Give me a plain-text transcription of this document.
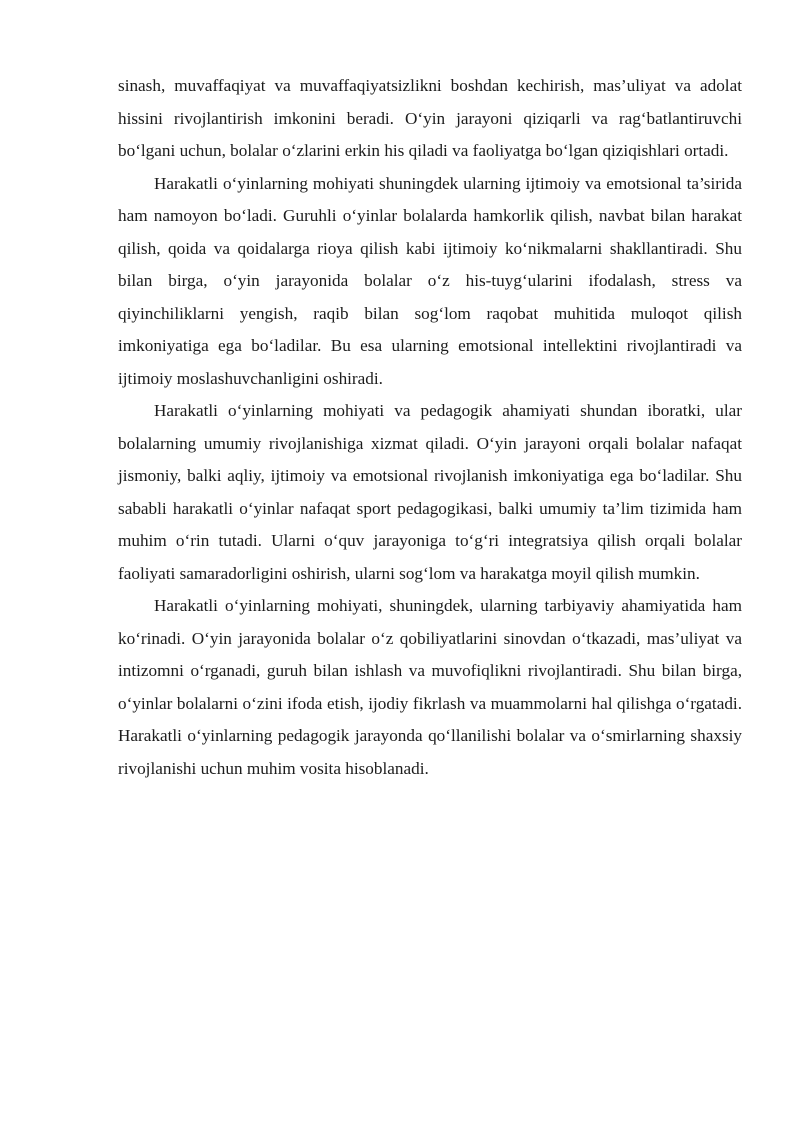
sinash, muvaffaqiyat va muvaffaqiyatsizlikni boshdan kechirish, mas’uliyat va adolat hissini rivojlantirish imkonini beradi. O‘yin jarayoni qiziqarli va rag‘batlantiruvchi bo‘lgani uchun, bolalar o‘zlarini erkin his qiladi va faoliyatga bo‘lgan qiziqishlari ortadi.

Harakatli o‘yinlarning mohiyati shuningdek ularning ijtimoiy va emotsional ta’sirida ham namoyon bo‘ladi. Guruhli o‘yinlar bolalarda hamkorlik qilish, navbat bilan harakat qilish, qoida va qoidalarga rioya qilish kabi ijtimoiy ko‘nikmalarni shakllantiradi. Shu bilan birga, o‘yin jarayonida bolalar o‘z his-tuyg‘ularini ifodalash, stress va qiyinchiliklarni yengish, raqib bilan sog‘lom raqobat muhitida muloqot qilish imkoniyatiga ega bo‘ladilar. Bu esa ularning emotsional intellektini rivojlantiradi va ijtimoiy moslashuvchanligini oshiradi.

Harakatli o‘yinlarning mohiyati va pedagogik ahamiyati shundan iboratki, ular bolalarning umumiy rivojlanishiga xizmat qiladi. O‘yin jarayoni orqali bolalar nafaqat jismoniy, balki aqliy, ijtimoiy va emotsional rivojlanish imkoniyatiga ega bo‘ladilar. Shu sababli harakatli o‘yinlar nafaqat sport pedagogikasi, balki umumiy ta’lim tizimida ham muhim o‘rin tutadi. Ularni o‘quv jarayoniga to‘g‘ri integratsiya qilish orqali bolalar faoliyati samaradorligini oshirish, ularni sog‘lom va harakatga moyil qilish mumkin.

Harakatli o‘yinlarning mohiyati, shuningdek, ularning tarbiyaviy ahamiyatida ham ko‘rinadi. O‘yin jarayonida bolalar o‘z qobiliyatlarini sinovdan o‘tkazadi, mas’uliyat va intizomni o‘rganadi, guruh bilan ishlash va muvofiqlikni rivojlantiradi. Shu bilan birga, o‘yinlar bolalarni o‘zini ifoda etish, ijodiy fikrlash va muammolarni hal qilishga o‘rgatadi. Harakatli o‘yinlarning pedagogik jarayonda qo‘llanilishi bolalar va o‘smirlarning shaxsiy rivojlanishi uchun muhim vosita hisoblanadi.
